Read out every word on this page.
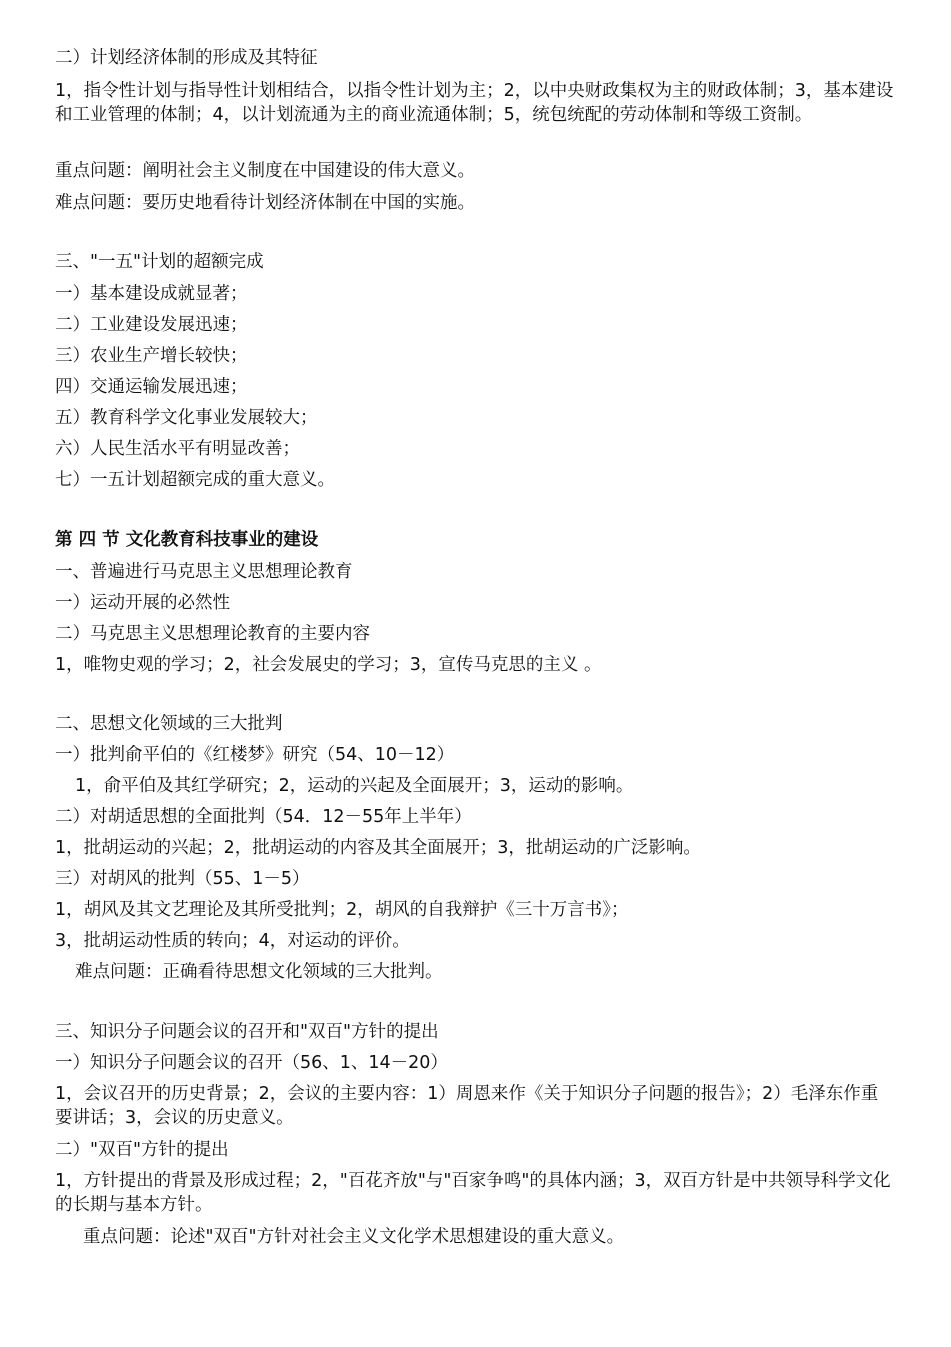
二）计划经济体制的形成及其特征
1，指令性计划与指导性计划相结合，以指令性计划为主；2，以中央财政集权为主的财政体制；3，基本建设和工业管理的体制；4，以计划流通为主的商业流通体制；5，统包统配的劳动体制和等级工资制。
重点问题：阐明社会主义制度在中国建设的伟大意义。
难点问题：要历史地看待计划经济体制在中国的实施。
三、"一五"计划的超额完成
一）基本建设成就显著；
二）工业建设发展迅速；
三）农业生产增长较快；
四）交通运输发展迅速；
五）教育科学文化事业发展较大；
六）人民生活水平有明显改善；
七）一五计划超额完成的重大意义。
第 四 节 文化教育科技事业的建设
一、普遍进行马克思主义思想理论教育
一）运动开展的必然性
二）马克思主义思想理论教育的主要内容
1，唯物史观的学习；2，社会发展史的学习；3，宣传马克思的主义 。
二、思想文化领域的三大批判
一）批判俞平伯的《红楼梦》研究（54、10－12）
1，俞平伯及其红学研究；2，运动的兴起及全面展开；3，运动的影响。
二）对胡适思想的全面批判（54．12－55年上半年）
1，批胡运动的兴起；2，批胡运动的内容及其全面展开；3，批胡运动的广泛影响。
三）对胡风的批判（55、1－5）
1，胡风及其文艺理论及其所受批判；2，胡风的自我辩护《三十万言书》；
3，批胡运动性质的转向；4，对运动的评价。
难点问题：正确看待思想文化领域的三大批判。
三、知识分子问题会议的召开和"双百"方针的提出
一）知识分子问题会议的召开（56、1、14－20）
1，会议召开的历史背景；2，会议的主要内容：1）周恩来作《关于知识分子问题的报告》；2）毛泽东作重要讲话；3，会议的历史意义。
二）"双百"方针的提出
1，方针提出的背景及形成过程；2，"百花齐放"与"百家争鸣"的具体内涵；3，双百方针是中共领导科学文化的长期与基本方针。
重点问题：论述"双百"方针对社会主义文化学术思想建设的重大意义。
